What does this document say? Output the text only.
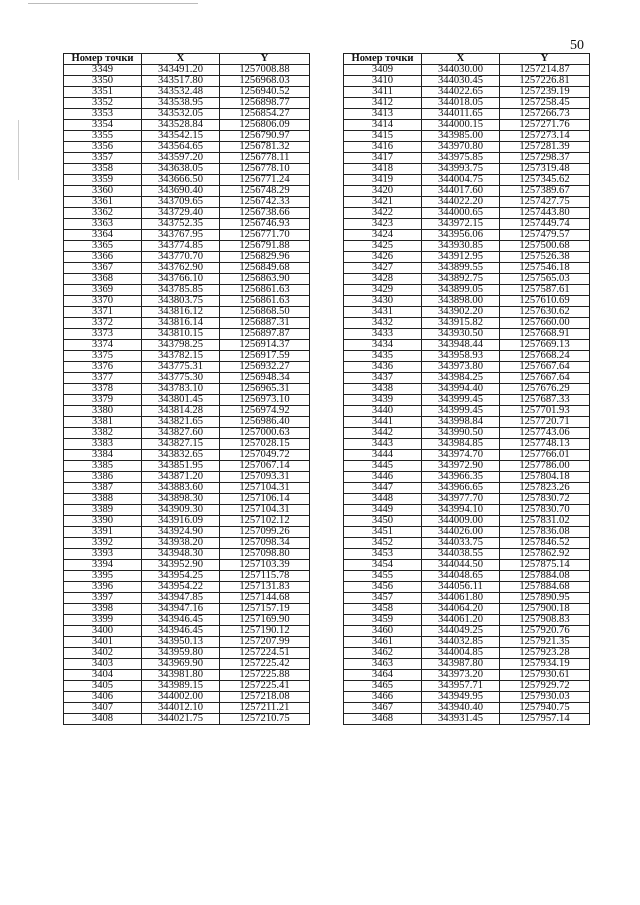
50
Номер точки	X	Y
3349	343491.20	1257008.88
3350	343517.80	1256968.03
3351	343532.48	1256940.52
3352	343538.95	1256898.77
3353	343532.05	1256854.27
3354	343528.84	1256806.09
3355	343542.15	1256790.97
3356	343564.65	1256781.32
3357	343597.20	1256778.11
3358	343638.05	1256778.10
3359	343666.50	1256771.24
3360	343690.40	1256748.29
3361	343709.65	1256742.33
3362	343729.40	1256738.66
3363	343752.35	1256746.93
3364	343767.95	1256771.70
3365	343774.85	1256791.88
3366	343770.70	1256829.96
3367	343762.90	1256849.68
3368	343766.10	1256863.90
3369	343785.85	1256861.63
3370	343803.75	1256861.63
3371	343816.12	1256868.50
3372	343816.14	1256887.31
3373	343810.15	1256897.87
3374	343798.25	1256914.37
3375	343782.15	1256917.59
3376	343775.31	1256932.27
3377	343775.30	1256948.34
3378	343783.10	1256965.31
3379	343801.45	1256973.10
3380	343814.28	1256974.92
3381	343821.65	1256986.40
3382	343827.60	1257000.63
3383	343827.15	1257028.15
3384	343832.65	1257049.72
3385	343851.95	1257067.14
3386	343871.20	1257093.31
3387	343883.60	1257104.31
3388	343898.30	1257106.14
3389	343909.30	1257104.31
3390	343916.09	1257102.12
3391	343924.90	1257099.26
3392	343938.20	1257098.34
3393	343948.30	1257098.80
3394	343952.90	1257103.39
3395	343954.25	1257115.78
3396	343954.22	1257131.83
3397	343947.85	1257144.68
3398	343947.16	1257157.19
3399	343946.45	1257169.90
3400	343946.45	1257190.12
3401	343950.13	1257207.99
3402	343959.80	1257224.51
3403	343969.90	1257225.42
3404	343981.80	1257225.88
3405	343989.15	1257225.41
3406	344002.00	1257218.08
3407	344012.10	1257211.21
3408	344021.75	1257210.75
Номер точки	X	Y
3409	344030.00	1257214.87
3410	344030.45	1257226.81
3411	344022.65	1257239.19
3412	344018.05	1257258.45
3413	344011.65	1257266.73
3414	344000.15	1257271.76
3415	343985.00	1257273.14
3416	343970.80	1257281.39
3417	343975.85	1257298.37
3418	343993.75	1257319.48
3419	344004.75	1257345.62
3420	344017.60	1257389.67
3421	344022.20	1257427.75
3422	344000.65	1257443.80
3423	343972.15	1257449.74
3424	343956.06	1257479.57
3425	343930.85	1257500.68
3426	343912.95	1257526.38
3427	343899.55	1257546.18
3428	343892.75	1257565.03
3429	343899.05	1257587.61
3430	343898.00	1257610.69
3431	343902.20	1257630.62
3432	343915.82	1257660.00
3433	343930.50	1257668.91
3434	343948.44	1257669.13
3435	343958.93	1257668.24
3436	343973.80	1257667.64
3437	343984.25	1257667.64
3438	343994.40	1257676.29
3439	343999.45	1257687.33
3440	343999.45	1257701.93
3441	343998.84	1257720.71
3442	343990.50	1257743.06
3443	343984.85	1257748.13
3444	343974.70	1257766.01
3445	343972.90	1257786.00
3446	343966.35	1257804.18
3447	343966.65	1257823.26
3448	343977.70	1257830.72
3449	343994.10	1257830.70
3450	344009.00	1257831.02
3451	344026.00	1257836.08
3452	344033.75	1257846.52
3453	344038.55	1257862.92
3454	344044.50	1257875.14
3455	344048.65	1257884.08
3456	344056.11	1257884.68
3457	344061.80	1257890.95
3458	344064.20	1257900.18
3459	344061.20	1257908.83
3460	344049.25	1257920.76
3461	344032.85	1257921.35
3462	344004.85	1257923.28
3463	343987.80	1257934.19
3464	343973.20	1257930.61
3465	343957.71	1257929.72
3466	343949.95	1257930.03
3467	343940.40	1257940.75
3468	343931.45	1257957.14
